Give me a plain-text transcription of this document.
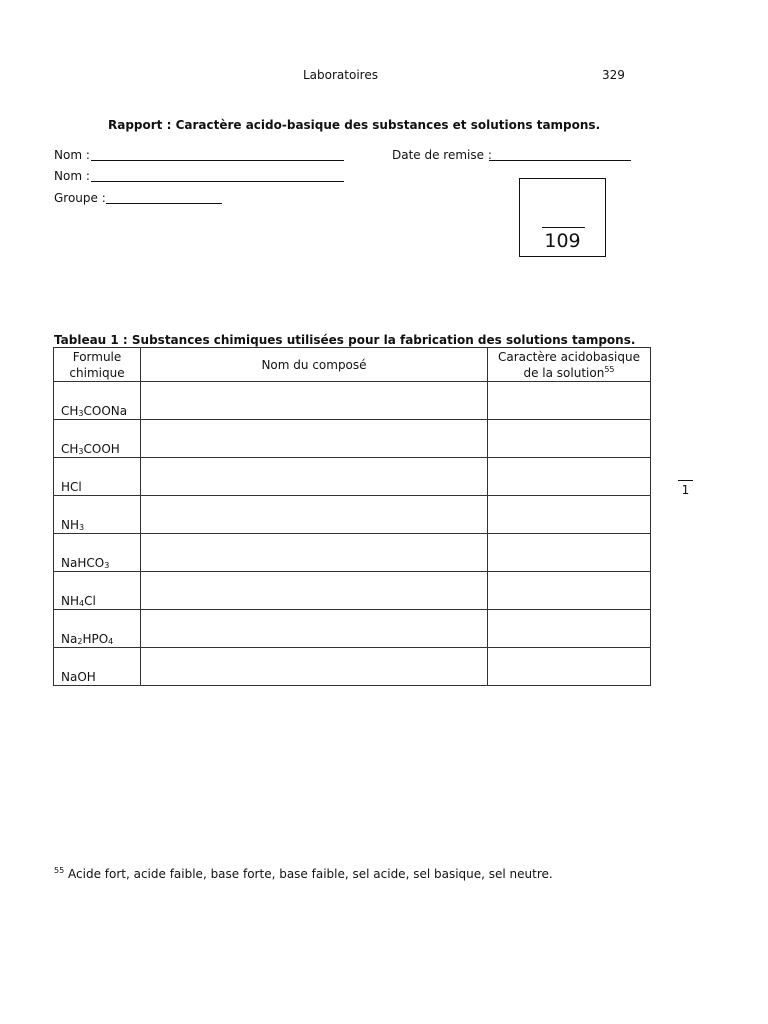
Laboratoires	329
Rapport : Caractère acido-basique des substances et solutions tampons.
Nom :	Date de remise :
Nom :
Groupe :
109
Tableau 1 : Substances chimiques utilisées pour la fabrication des solutions tampons.
Formule
chimique	Nom du composé	Caractère acidobasique
de la solution$^{55}$
$CH_3COONa$		
$CH_3COOH$		
HCl		
$NH_3$		
NaHCO$_3$		
$NH_4Cl$		
$Na_2HPO_4$		
NaOH		
1
$^{55}$ Acide fort, acide faible, base forte, base faible, sel acide, sel basique, sel neutre.
